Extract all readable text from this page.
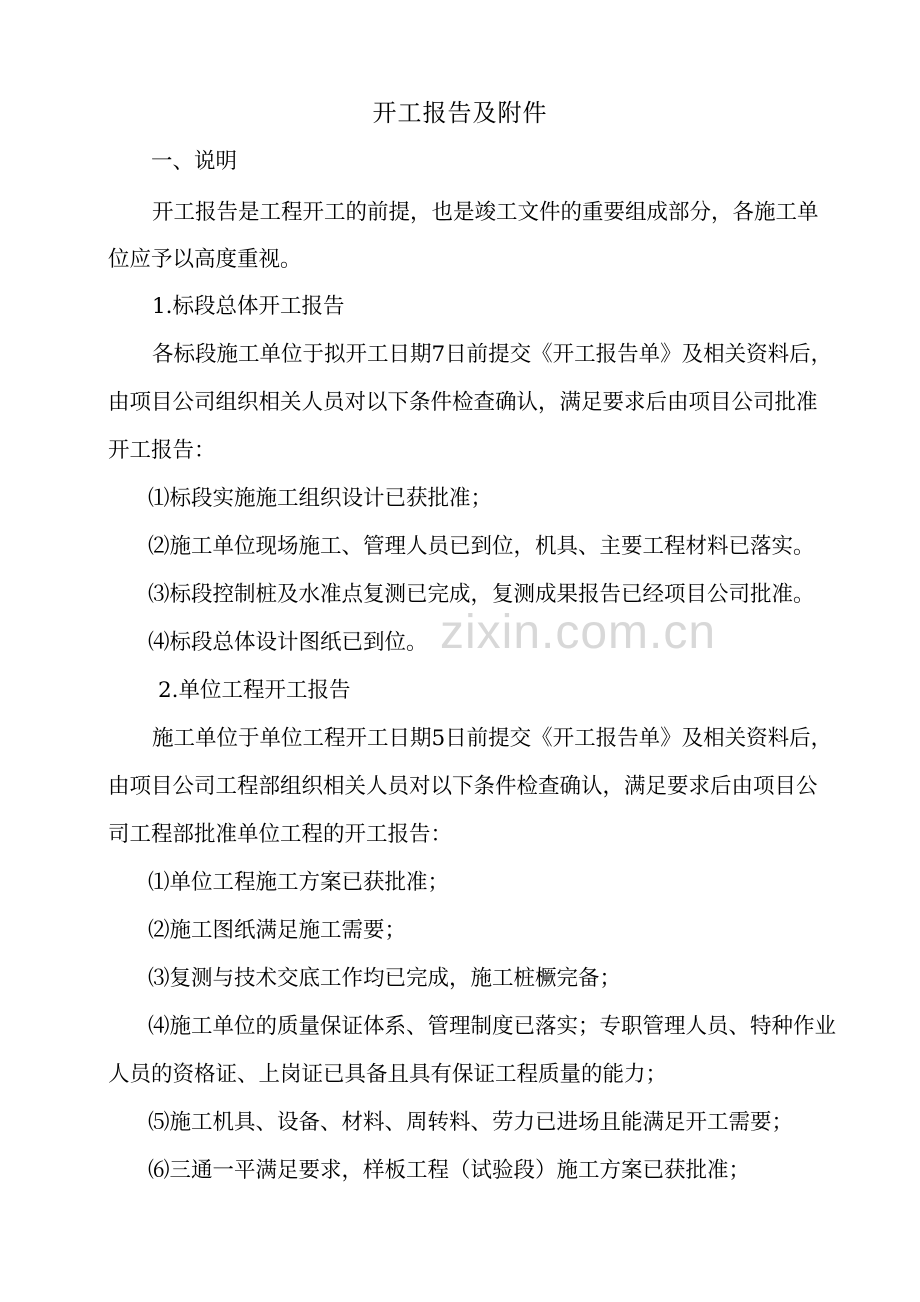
开工报告及附件
一、说明
开工报告是工程开工的前提，也是竣工文件的重要组成部分，各施工单
位应予以高度重视。
1.标段总体开工报告
各标段施工单位于拟开工日期7日前提交《开工报告单》及相关资料后，
由项目公司组织相关人员对以下条件检查确认，满足要求后由项目公司批准
开工报告：
⑴标段实施施工组织设计已获批准；
⑵施工单位现场施工、管理人员已到位，机具、主要工程材料已落实。
⑶标段控制桩及水准点复测已完成，复测成果报告已经项目公司批准。
⑷标段总体设计图纸已到位。
2.单位工程开工报告
施工单位于单位工程开工日期5日前提交《开工报告单》及相关资料后，
由项目公司工程部组织相关人员对以下条件检查确认，满足要求后由项目公
司工程部批准单位工程的开工报告：
⑴单位工程施工方案已获批准；
⑵施工图纸满足施工需要；
⑶复测与技术交底工作均已完成，施工桩橛完备；
⑷施工单位的质量保证体系、管理制度已落实；专职管理人员、特种作业
人员的资格证、上岗证已具备且具有保证工程质量的能力；
⑸施工机具、设备、材料、周转料、劳力已进场且能满足开工需要；
⑹三通一平满足要求，样板工程（试验段）施工方案已获批准；
zixin.com.cn
